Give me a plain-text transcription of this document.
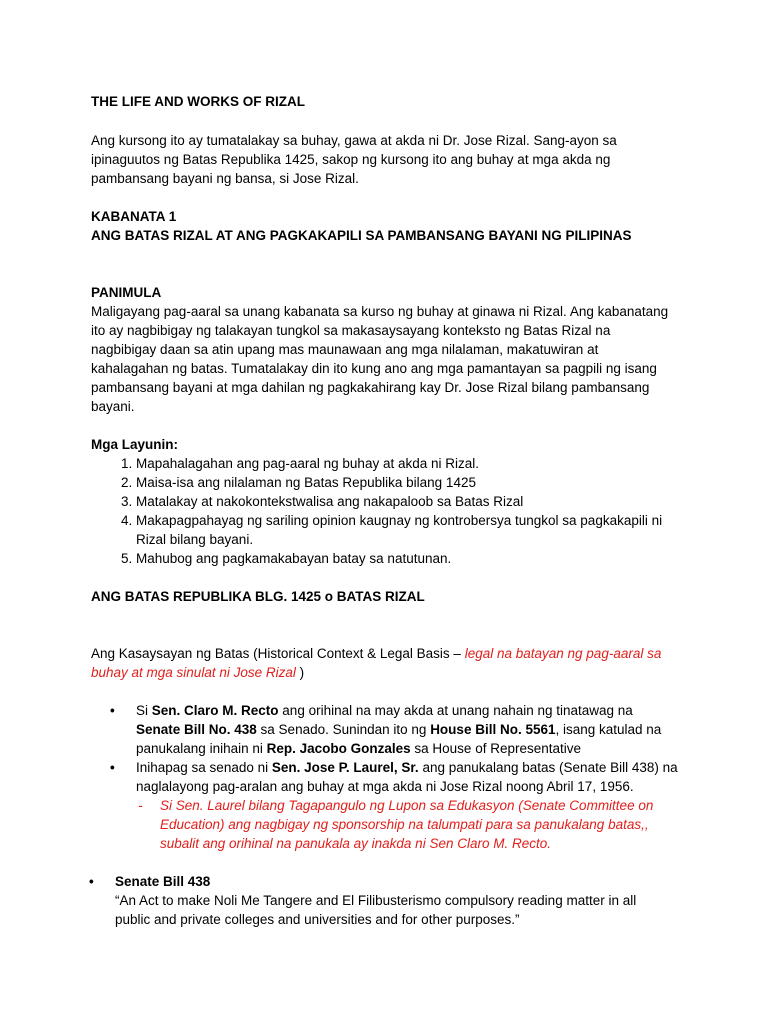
THE LIFE AND WORKS OF RIZAL

Ang kursong ito ay tumatalakay sa buhay, gawa at akda ni Dr. Jose Rizal. Sang-ayon sa
ipinaguutos ng Batas Republika 1425, sakop ng kursong ito ang buhay at mga akda ng
pambansang bayani ng bansa, si Jose Rizal.

KABANATA 1
ANG BATAS RIZAL AT ANG PAGKAKAPILI SA PAMBANSANG BAYANI NG PILIPINAS
PANIMULA
Maligayang pag-aaral sa unang kabanata sa kurso ng buhay at ginawa ni Rizal. Ang kabanatang
ito ay nagbibigay ng talakayan tungkol sa makasaysayang konteksto ng Batas Rizal na
nagbibigay daan sa atin upang mas maunawaan ang mga nilalaman, makatuwiran at
kahalagahan ng batas. Tumatalakay din ito kung ano ang mga pamantayan sa pagpili ng isang
pambansang bayani at mga dahilan ng pagkakahirang kay Dr. Jose Rizal bilang pambansang
bayani.
Mga Layunin:
1. Mapahalagahan ang pag-aaral ng buhay at akda ni Rizal.
2. Maisa-isa ang nilalaman ng Batas Republika bilang 1425
3. Matalakay at nakokontekstwalisa ang nakapaloob sa Batas Rizal
4. Makapagpahayag ng sariling opinion kaugnay ng kontrobersya tungkol sa pagkakapili ni
Rizal bilang bayani.
5. Mahubog ang pagkamakabayan batay sa natutunan.

ANG BATAS REPUBLIKA BLG. 1425 o BATAS RIZAL

Ang Kasaysayan ng Batas (Historical Context & Legal Basis – legal na batayan ng pag-aaral sa
buhay at mga sinulat ni Jose Rizal )
• Si Sen. Claro M. Recto ang orihinal na may akda at unang nahain ng tinatawag na
Senate Bill No. 438 sa Senado. Sunindan ito ng House Bill No. 5561, isang katulad na
panukalang inihain ni Rep. Jacobo Gonzales sa House of Representative
• Inihapag sa senado ni Sen. Jose P. Laurel, Sr. ang panukalang batas (Senate Bill 438) na
naglalayong pag-aralan ang buhay at mga akda ni Jose Rizal noong Abril 17, 1956.
- Si Sen. Laurel bilang Tagapangulo ng Lupon sa Edukasyon (Senate Committee on
Education) ang nagbigay ng sponsorship na talumpati para sa panukalang batas,,
subalit ang orihinal na panukala ay inakda ni Sen Claro M. Recto.
• Senate Bill 438
“An Act to make Noli Me Tangere and El Filibusterismo compulsory reading matter in all
public and private colleges and universities and for other purposes.”
